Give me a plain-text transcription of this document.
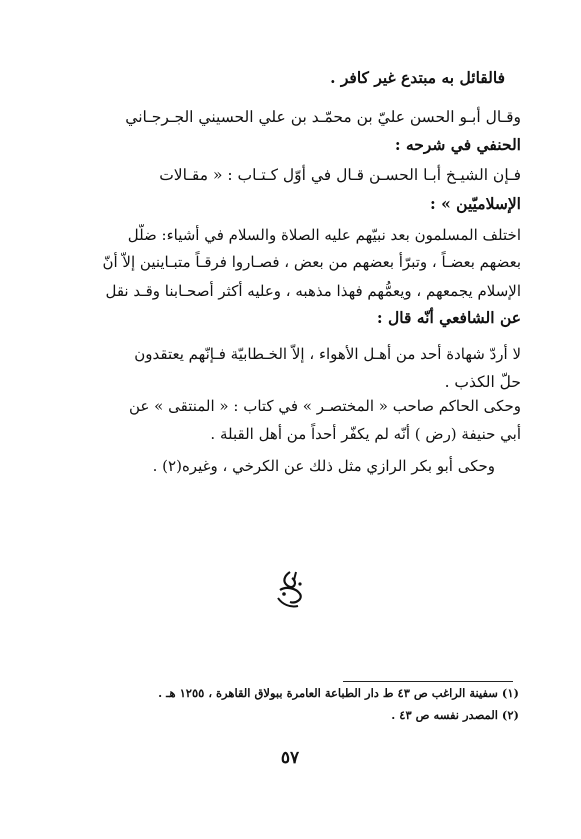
فالقائل به مبتدع غير كافر .
وقـال أبـو الحسن عليّ بن محمّـد بن علي الحسيني الجـرجـاني
الحنفي في شرحه :
فـإن الشيـخ أبـا الحسـن قـال في أوّل كـتـاب : « مقـالات
الإسلاميّين » :
اختلف المسلمون بعد نبيّهم عليه الصلاة والسلام في أشياء: ضلّل
بعضهم بعضـاً ، وتبرّأ بعضهم من بعض ، فصـاروا فرقـاً متبـاينين إلاّ أنّ
الإسلام يجمعهم ، ويعمُّهم فهذا مذهبه ، وعليه أكثر أصحـابنا وقـد نقل
عن الشافعي أنّه قال :
لا أردّ شهادة أحد من أهـل الأهواء ، إلاّ الخـطابيّة فـإنّهم يعتقدون
حلّ الكذب .
وحكى الحاكم صاحب « المختصـر » في كتاب : « المنتقى » عن
أبي حنيفة (رض ) أنّه لم يكفّر أحداً من أهل القبلة .
وحكى أبو بكر الرازي مثل ذلك عن الكرخي ، وغيره(٢) .
(١) سفينة الراغب ص ٤٣ ط دار الطباعة العامرة ببولاق القاهرة ، ١٢٥٥ هـ .
(٢) المصدر نفسه ص ٤٣ .
٥٧
